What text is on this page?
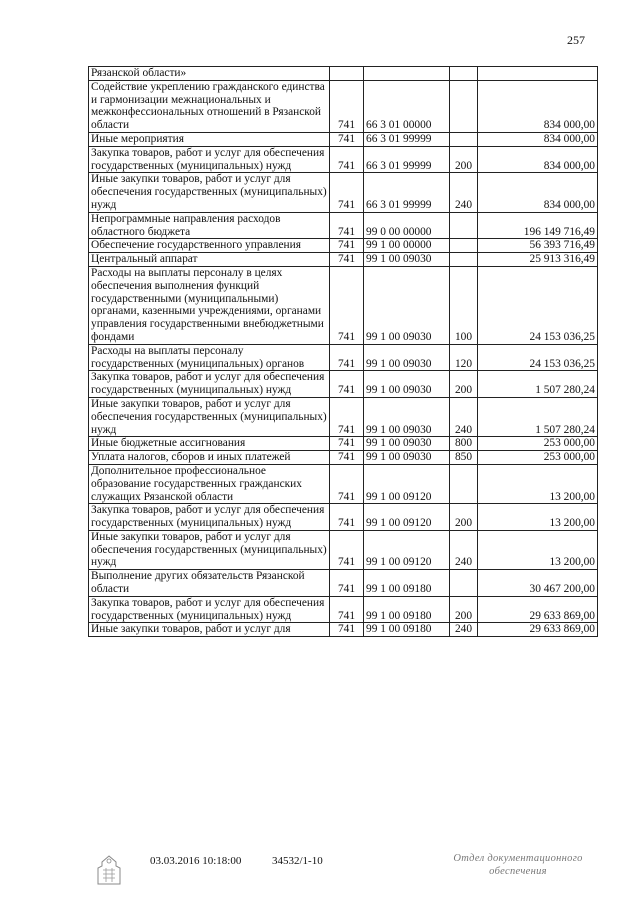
257
Рязанской области»				
Содействие укреплению гражданского единства и гармонизации межнациональных и межконфессиональных отношений в Рязанской области	741	66 3 01 00000		834 000,00
Иные мероприятия	741	66 3 01 99999		834 000,00
Закупка товаров, работ и услуг для обеспечения государственных (муниципальных) нужд	741	66 3 01 99999	200	834 000,00
Иные закупки товаров, работ и услуг для обеспечения государственных (муниципальных) нужд	741	66 3 01 99999	240	834 000,00
Непрограммные направления расходов областного бюджета	741	99 0 00 00000		196 149 716,49
Обеспечение государственного управления	741	99 1 00 00000		56 393 716,49
Центральный аппарат	741	99 1 00 09030		25 913 316,49
Расходы на выплаты персоналу в целях обеспечения выполнения функций государственными (муниципальными) органами, казенными учреждениями, органами управления государственными внебюджетными фондами	741	99 1 00 09030	100	24 153 036,25
Расходы на выплаты персоналу государственных (муниципальных) органов	741	99 1 00 09030	120	24 153 036,25
Закупка товаров, работ и услуг для обеспечения государственных (муниципальных) нужд	741	99 1 00 09030	200	1 507 280,24
Иные закупки товаров, работ и услуг для обеспечения государственных (муниципальных) нужд	741	99 1 00 09030	240	1 507 280,24
Иные бюджетные ассигнования	741	99 1 00 09030	800	253 000,00
Уплата налогов, сборов и иных платежей	741	99 1 00 09030	850	253 000,00
Дополнительное профессиональное образование государственных гражданских служащих Рязанской области	741	99 1 00 09120		13 200,00
Закупка товаров, работ и услуг для обеспечения государственных (муниципальных) нужд	741	99 1 00 09120	200	13 200,00
Иные закупки товаров, работ и услуг для обеспечения государственных (муниципальных) нужд	741	99 1 00 09120	240	13 200,00
Выполнение других обязательств Рязанской области	741	99 1 00 09180		30 467 200,00
Закупка товаров, работ и услуг для обеспечения государственных (муниципальных) нужд	741	99 1 00 09180	200	29 633 869,00
Иные закупки товаров, работ и услуг для	741	99 1 00 09180	240	29 633 869,00
03.03.2016 10:18:00	34532/1-10	Отдел документационного
обеспечения
